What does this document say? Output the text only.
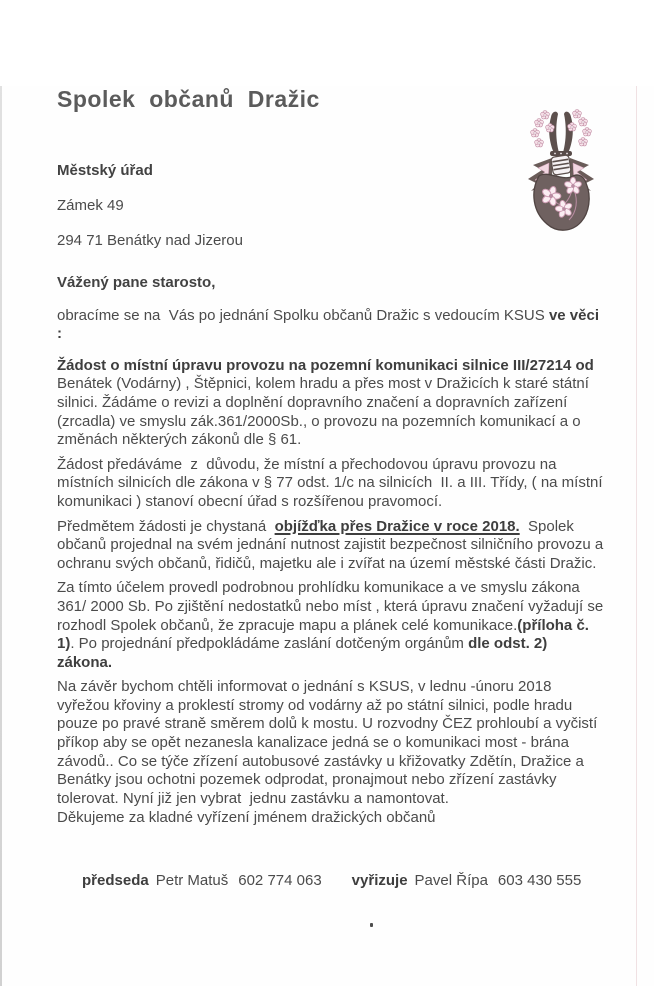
Spolek  občanů  Dražic
Městský úřad
Zámek 49
294 71 Benátky nad Jizerou
Vážený pane starosto,

obracíme se na  Vás po jednání Spolku občanů Dražic s vedoucím KSUS ve věci :

Žádost o místní úpravu provozu na pozemní komunikaci silnice III/27214 od Benátek (Vodárny) , Štěpnici, kolem hradu a přes most v Dražicích k staré státní silnici. Žádáme o revizi a doplnění dopravního značení a dopravních zařízení (zrcadla) ve smyslu zák.361/2000Sb., o provozu na pozemních komunikací a o změnách některých zákonů dle § 61.

Žádost předáváme  z  důvodu, že místní a přechodovou úpravu provozu na místních silnicích dle zákona v § 77 odst. 1/c na silnicích  II. a III. Třídy, ( na místní komunikaci ) stanoví obecní úřad s rozšířenou pravomocí.

Předmětem žádosti je chystaná  objížďka přes Dražice v roce 2018.  Spolek občanů projednal na svém jednání nutnost zajistit bezpečnost silničního provozu a ochranu svých občanů, řidičů, majetku ale i zvířat na území městské části Dražic.

Za tímto účelem provedl podrobnou prohlídku komunikace a ve smyslu zákona 361/ 2000 Sb. Po zjištění nedostatků nebo míst , která úpravu značení vyžadují se rozhodl Spolek občanů, že zpracuje mapu a plánek celé komunikace.(příloha č. 1). Po projednání předpokládáme zaslání dotčeným orgánům dle odst. 2) zákona.

Na závěr bychom chtěli informovat o jednání s KSUS, v lednu -únoru 2018 vyřežou křoviny a proklestí stromy od vodárny až po státní silnici, podle hradu pouze po pravé straně směrem dolů k mostu. U rozvodny ČEZ prohloubí a vyčistí příkop aby se opět nezanesla kanalizace jedná se o komunikaci most - brána závodů.. Co se týče zřízení autobusové zastávky u křižovatky Zdětín, Dražice a Benátky jsou ochotni pozemek odprodat, pronajmout nebo zřízení zastávky tolerovat. Nyní již jen vybrat  jednu zastávku a namontovat.

Děkujeme za kladné vyřízení jménem dražických občanů

předseda Petr Matuš 602 774 063 vyřizuje Pavel Řípa 603 430 555
